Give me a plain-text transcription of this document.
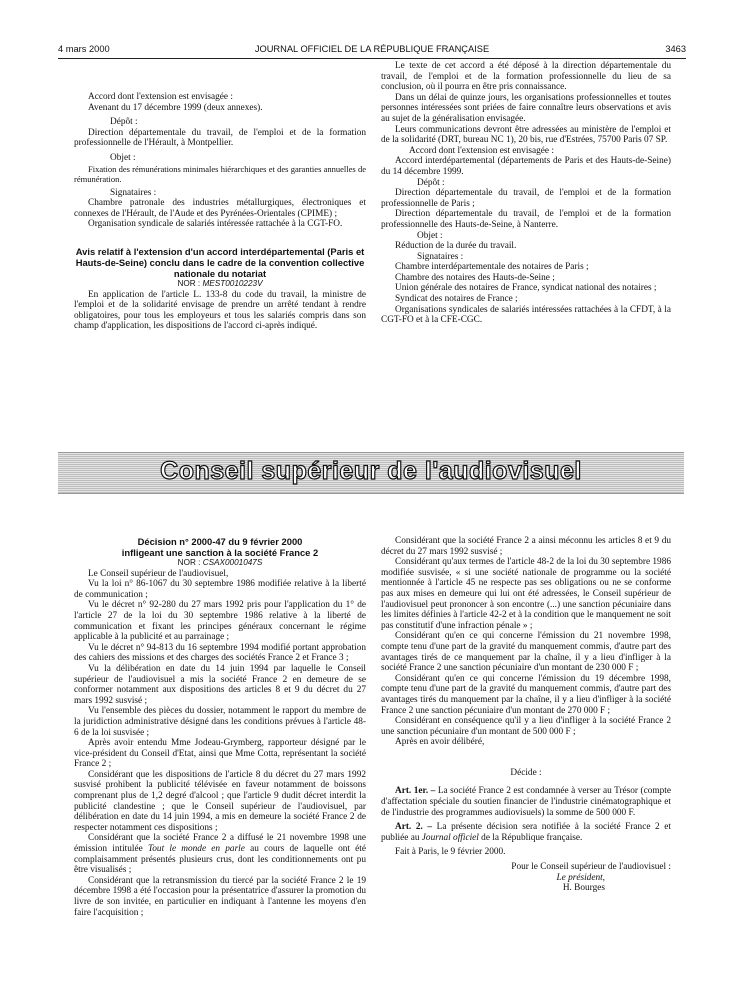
4 mars 2000	JOURNAL OFFICIEL DE LA RÉPUBLIQUE FRANÇAISE	3463

Accord dont l'extension est envisagée :

Avenant du 17 décembre 1999 (deux annexes).

Dépôt :

Direction départementale du travail, de l'emploi et de la formation professionnelle de l'Hérault, à Montpellier.

Objet :

Fixation des rémunérations minimales hiérarchiques et des garanties annuelles de rémunération.

Signataires :

Chambre patronale des industries métallurgiques, électroniques et connexes de l'Hérault, de l'Aude et des Pyrénées-Orientales (CPIME) ;

Organisation syndicale de salariés intéressée rattachée à la CGT-FO.

Avis relatif à l'extension d'un accord interdépartemental (Paris et Hauts-de-Seine) conclu dans le cadre de la convention collective nationale du notariat

NOR : MEST0010223V

En application de l'article L. 133-8 du code du travail, la ministre de l'emploi et de la solidarité envisage de prendre un arrêté tendant à rendre obligatoires, pour tous les employeurs et tous les salariés compris dans son champ d'application, les dispositions de l'accord ci-après indiqué.

Le texte de cet accord a été déposé à la direction départementale du travail, de l'emploi et de la formation professionnelle du lieu de sa conclusion, où il pourra en être pris connaissance.

Dans un délai de quinze jours, les organisations professionnelles et toutes personnes intéressées sont priées de faire connaître leurs observations et avis au sujet de la généralisation envisagée.

Leurs communications devront être adressées au ministère de l'emploi et de la solidarité (DRT, bureau NC 1), 20 bis, rue d'Estrées, 75700 Paris 07 SP.

Accord dont l'extension est envisagée :

Accord interdépartemental (départements de Paris et des Hauts-de-Seine) du 14 décembre 1999.

Dépôt :

Direction départementale du travail, de l'emploi et de la formation professionnelle de Paris ;

Direction départementale du travail, de l'emploi et de la formation professionnelle des Hauts-de-Seine, à Nanterre.

Objet :

Réduction de la durée du travail.

Signataires :

Chambre interdépartementale des notaires de Paris ;

Chambre des notaires des Hauts-de-Seine ;

Union générale des notaires de France, syndicat national des notaires ;

Syndicat des notaires de France ;

Organisations syndicales de salariés intéressées rattachées à la CFDT, à la CGT-FO et à la CFE-CGC.

Conseil supérieur de l'audiovisuel

Décision n° 2000-47 du 9 février 2000

infligeant une sanction à la société France 2

NOR : CSAX0001047S

Le Conseil supérieur de l'audiovisuel,

Vu la loi n° 86-1067 du 30 septembre 1986 modifiée relative à la liberté de communication ;

Vu le décret n° 92-280 du 27 mars 1992 pris pour l'application du 1° de l'article 27 de la loi du 30 septembre 1986 relative à la liberté de communication et fixant les principes généraux concernant le régime applicable à la publicité et au parrainage ;

Vu le décret n° 94-813 du 16 septembre 1994 modifié portant approbation des cahiers des missions et des charges des sociétés France 2 et France 3 ;

Vu la délibération en date du 14 juin 1994 par laquelle le Conseil supérieur de l'audiovisuel a mis la société France 2 en demeure de se conformer notamment aux dispositions des articles 8 et 9 du décret du 27 mars 1992 susvisé ;

Vu l'ensemble des pièces du dossier, notamment le rapport du membre de la juridiction administrative désigné dans les conditions prévues à l'article 48-6 de la loi susvisée ;

Après avoir entendu Mme Jodeau-Grymberg, rapporteur désigné par le vice-président du Conseil d'Etat, ainsi que Mme Cotta, représentant la société France 2 ;

Considérant que les dispositions de l'article 8 du décret du 27 mars 1992 susvisé prohibent la publicité télévisée en faveur notamment de boissons comprenant plus de 1,2 degré d'alcool ; que l'article 9 dudit décret interdit la publicité clandestine ; que le Conseil supérieur de l'audiovisuel, par délibération en date du 14 juin 1994, a mis en demeure la société France 2 de respecter notamment ces dispositions ;

Considérant que la société France 2 a diffusé le 21 novembre 1998 une émission intitulée Tout le monde en parle au cours de laquelle ont été complaisamment présentés plusieurs crus, dont les conditionnements ont pu être visualisés ;

Considérant que la retransmission du tiercé par la société France 2 le 19 décembre 1998 a été l'occasion pour la présentatrice d'assurer la promotion du livre de son invitée, en particulier en indiquant à l'antenne les moyens d'en faire l'acquisition ;

Considérant que la société France 2 a ainsi méconnu les articles 8 et 9 du décret du 27 mars 1992 susvisé ;

Considérant qu'aux termes de l'article 48-2 de la loi du 30 septembre 1986 modifiée susvisée, « si une société nationale de programme ou la société mentionnée à l'article 45 ne respecte pas ses obligations ou ne se conforme pas aux mises en demeure qui lui ont été adressées, le Conseil supérieur de l'audiovisuel peut prononcer à son encontre (...) une sanction pécuniaire dans les limites définies à l'article 42-2 et à la condition que le manquement ne soit pas constitutif d'une infraction pénale » ;

Considérant qu'en ce qui concerne l'émission du 21 novembre 1998, compte tenu d'une part de la gravité du manquement commis, d'autre part des avantages tirés de ce manquement par la chaîne, il y a lieu d'infliger à la société France 2 une sanction pécuniaire d'un montant de 230 000 F ;

Considérant qu'en ce qui concerne l'émission du 19 décembre 1998, compte tenu d'une part de la gravité du manquement commis, d'autre part des avantages tirés du manquement par la chaîne, il y a lieu d'infliger à la société France 2 une sanction pécuniaire d'un montant de 270 000 F ;

Considérant en conséquence qu'il y a lieu d'infliger à la société France 2 une sanction pécuniaire d'un montant de 500 000 F ;

Après en avoir délibéré,

Décide :

Art. 1er. – La société France 2 est condamnée à verser au Trésor (compte d'affectation spéciale du soutien financier de l'industrie cinématographique et de l'industrie des programmes audiovisuels) la somme de 500 000 F.

Art. 2. – La présente décision sera notifiée à la société France 2 et publiée au Journal officiel de la République française.

Fait à Paris, le 9 février 2000.

Pour le Conseil supérieur de l'audiovisuel :

Le président,

H. Bourges
